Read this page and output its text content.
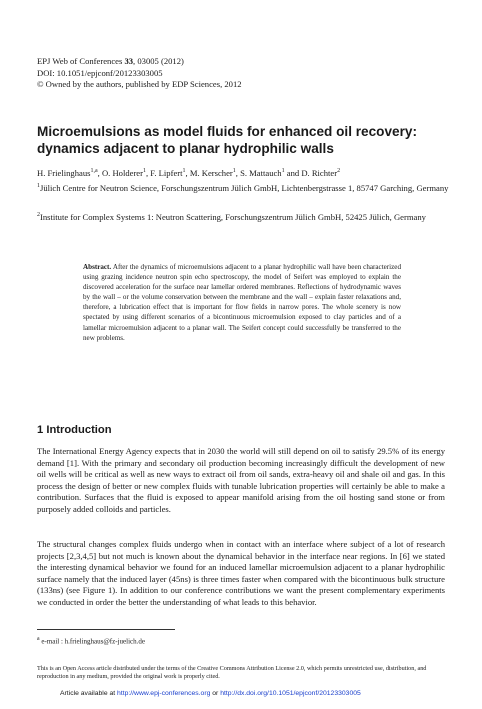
EPJ Web of Conferences 33, 03005 (2012)
DOI: 10.1051/epjconf/20123303005
© Owned by the authors, published by EDP Sciences, 2012
Microemulsions as model fluids for enhanced oil recovery: dynamics adjacent to planar hydrophilic walls
H. Frielinghaus$^{1,a}$, O. Holderer$^1$, F. Lipfert$^1$, M. Kerscher$^1$, S. Mattauch$^1$ and D. Richter$^2$
$^1$Jülich Centre for Neutron Science, Forschungszentrum Jülich GmbH, Lichtenbergstrasse 1, 85747 Garching, Germany
$^2$Institute for Complex Systems 1: Neutron Scattering, Forschungszentrum Jülich GmbH, 52425 Jülich, Germany
Abstract. After the dynamics of microemulsions adjacent to a planar hydrophilic wall have been characterized using grazing incidence neutron spin echo spectroscopy, the model of Seifert was employed to explain the discovered acceleration for the surface near lamellar ordered membranes. Reflections of hydrodynamic waves by the wall – or the volume conservation between the membrane and the wall – explain faster relaxations and, therefore, a lubrication effect that is important for flow fields in narrow pores. The whole scenery is now spectated by using different scenarios of a bicontinuous microemulsion exposed to clay particles and of a lamellar microemulsion adjacent to a planar wall. The Seifert concept could successfully be transferred to the new problems.
1 Introduction
The International Energy Agency expects that in 2030 the world will still depend on oil to satisfy 29.5% of its energy demand [1]. With the primary and secondary oil production becoming increasingly difficult the development of new oil wells will be critical as well as new ways to extract oil from oil sands, extra-heavy oil and shale oil and gas. In this process the design of better or new complex fluids with tunable lubrication properties will certainly be able to make a contribution. Surfaces that the fluid is exposed to appear manifold arising from the oil hosting sand stone or from purposely added colloids and particles.
The structural changes complex fluids undergo when in contact with an interface where subject of a lot of research projects [2,3,4,5] but not much is known about the dynamical behavior in the interface near regions. In [6] we stated the interesting dynamical behavior we found for an induced lamellar microemulsion adjacent to a planar hydrophilic surface namely that the induced layer (45ns) is three times faster when compared with the bicontinuous bulk structure (133ns) (see Figure 1). In addition to our conference contributions we want the present complementary experiments we conducted in order the better the understanding of what leads to this behavior.
$^a$ e-mail : h.frielinghaus@fz-juelich.de
This is an Open Access article distributed under the terms of the Creative Commons Attribution License 2.0, which permits unrestricted use, distribution, and reproduction in any medium, provided the original work is properly cited.
Article available at http://www.epj-conferences.org or http://dx.doi.org/10.1051/epjconf/20123303005
